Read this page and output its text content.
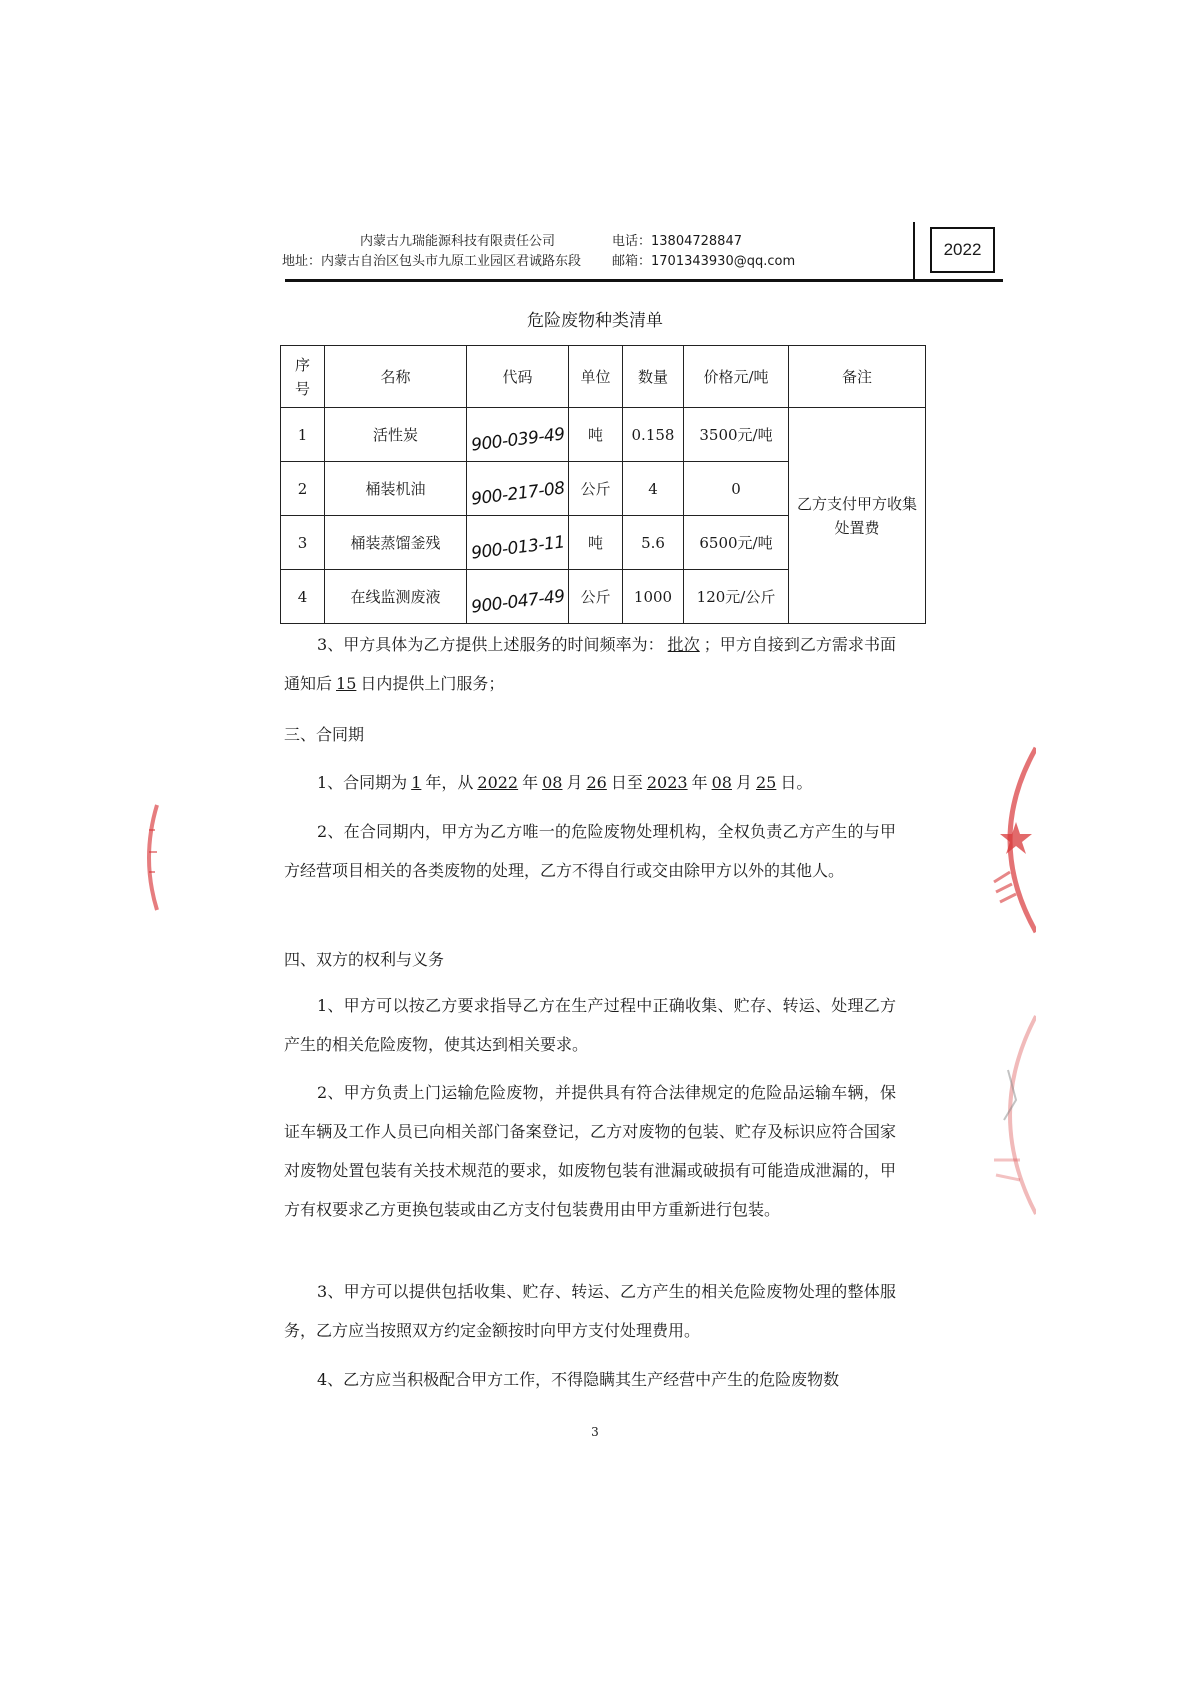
内蒙古九瑞能源科技有限责任公司
地址：内蒙古自治区包头市九原工业园区君诚路东段
电话：13804728847
邮箱：1701343930@qq.com
2022
危险废物种类清单
序号	名称	代码	单位	数量	价格元/吨	备注
1	活性炭	900-039-49	吨	0.158	3500元/吨	乙方支付甲方收集处置费

2	桶装机油	900-217-08	公斤	4	0	
3	桶装蒸馏釜残	900-013-11	吨	5.6	6500元/吨	
4	在线监测废液	900-047-49	公斤	1000	120元/公斤	
3、甲方具体为乙方提供上述服务的时间频率为： 批次 ；甲方自接到乙方需求书面通知后 15 日内提供上门服务；
三、合同期
1、合同期为 1 年，从 2022 年 08 月 26 日至 2023 年 08 月 25 日。
2、在合同期内，甲方为乙方唯一的危险废物处理机构，全权负责乙方产生的与甲方经营项目相关的各类废物的处理，乙方不得自行或交由除甲方以外的其他人。
四、双方的权利与义务
1、甲方可以按乙方要求指导乙方在生产过程中正确收集、贮存、转运、处理乙方产生的相关危险废物，使其达到相关要求。
2、甲方负责上门运输危险废物，并提供具有符合法律规定的危险品运输车辆，保证车辆及工作人员已向相关部门备案登记，乙方对废物的包装、贮存及标识应符合国家对废物处置包装有关技术规范的要求，如废物包装有泄漏或破损有可能造成泄漏的，甲方有权要求乙方更换包装或由乙方支付包装费用由甲方重新进行包装。
3、甲方可以提供包括收集、贮存、转运、乙方产生的相关危险废物处理的整体服务，乙方应当按照双方约定金额按时向甲方支付处理费用。
4、乙方应当积极配合甲方工作，不得隐瞒其生产经营中产生的危险废物数
3
